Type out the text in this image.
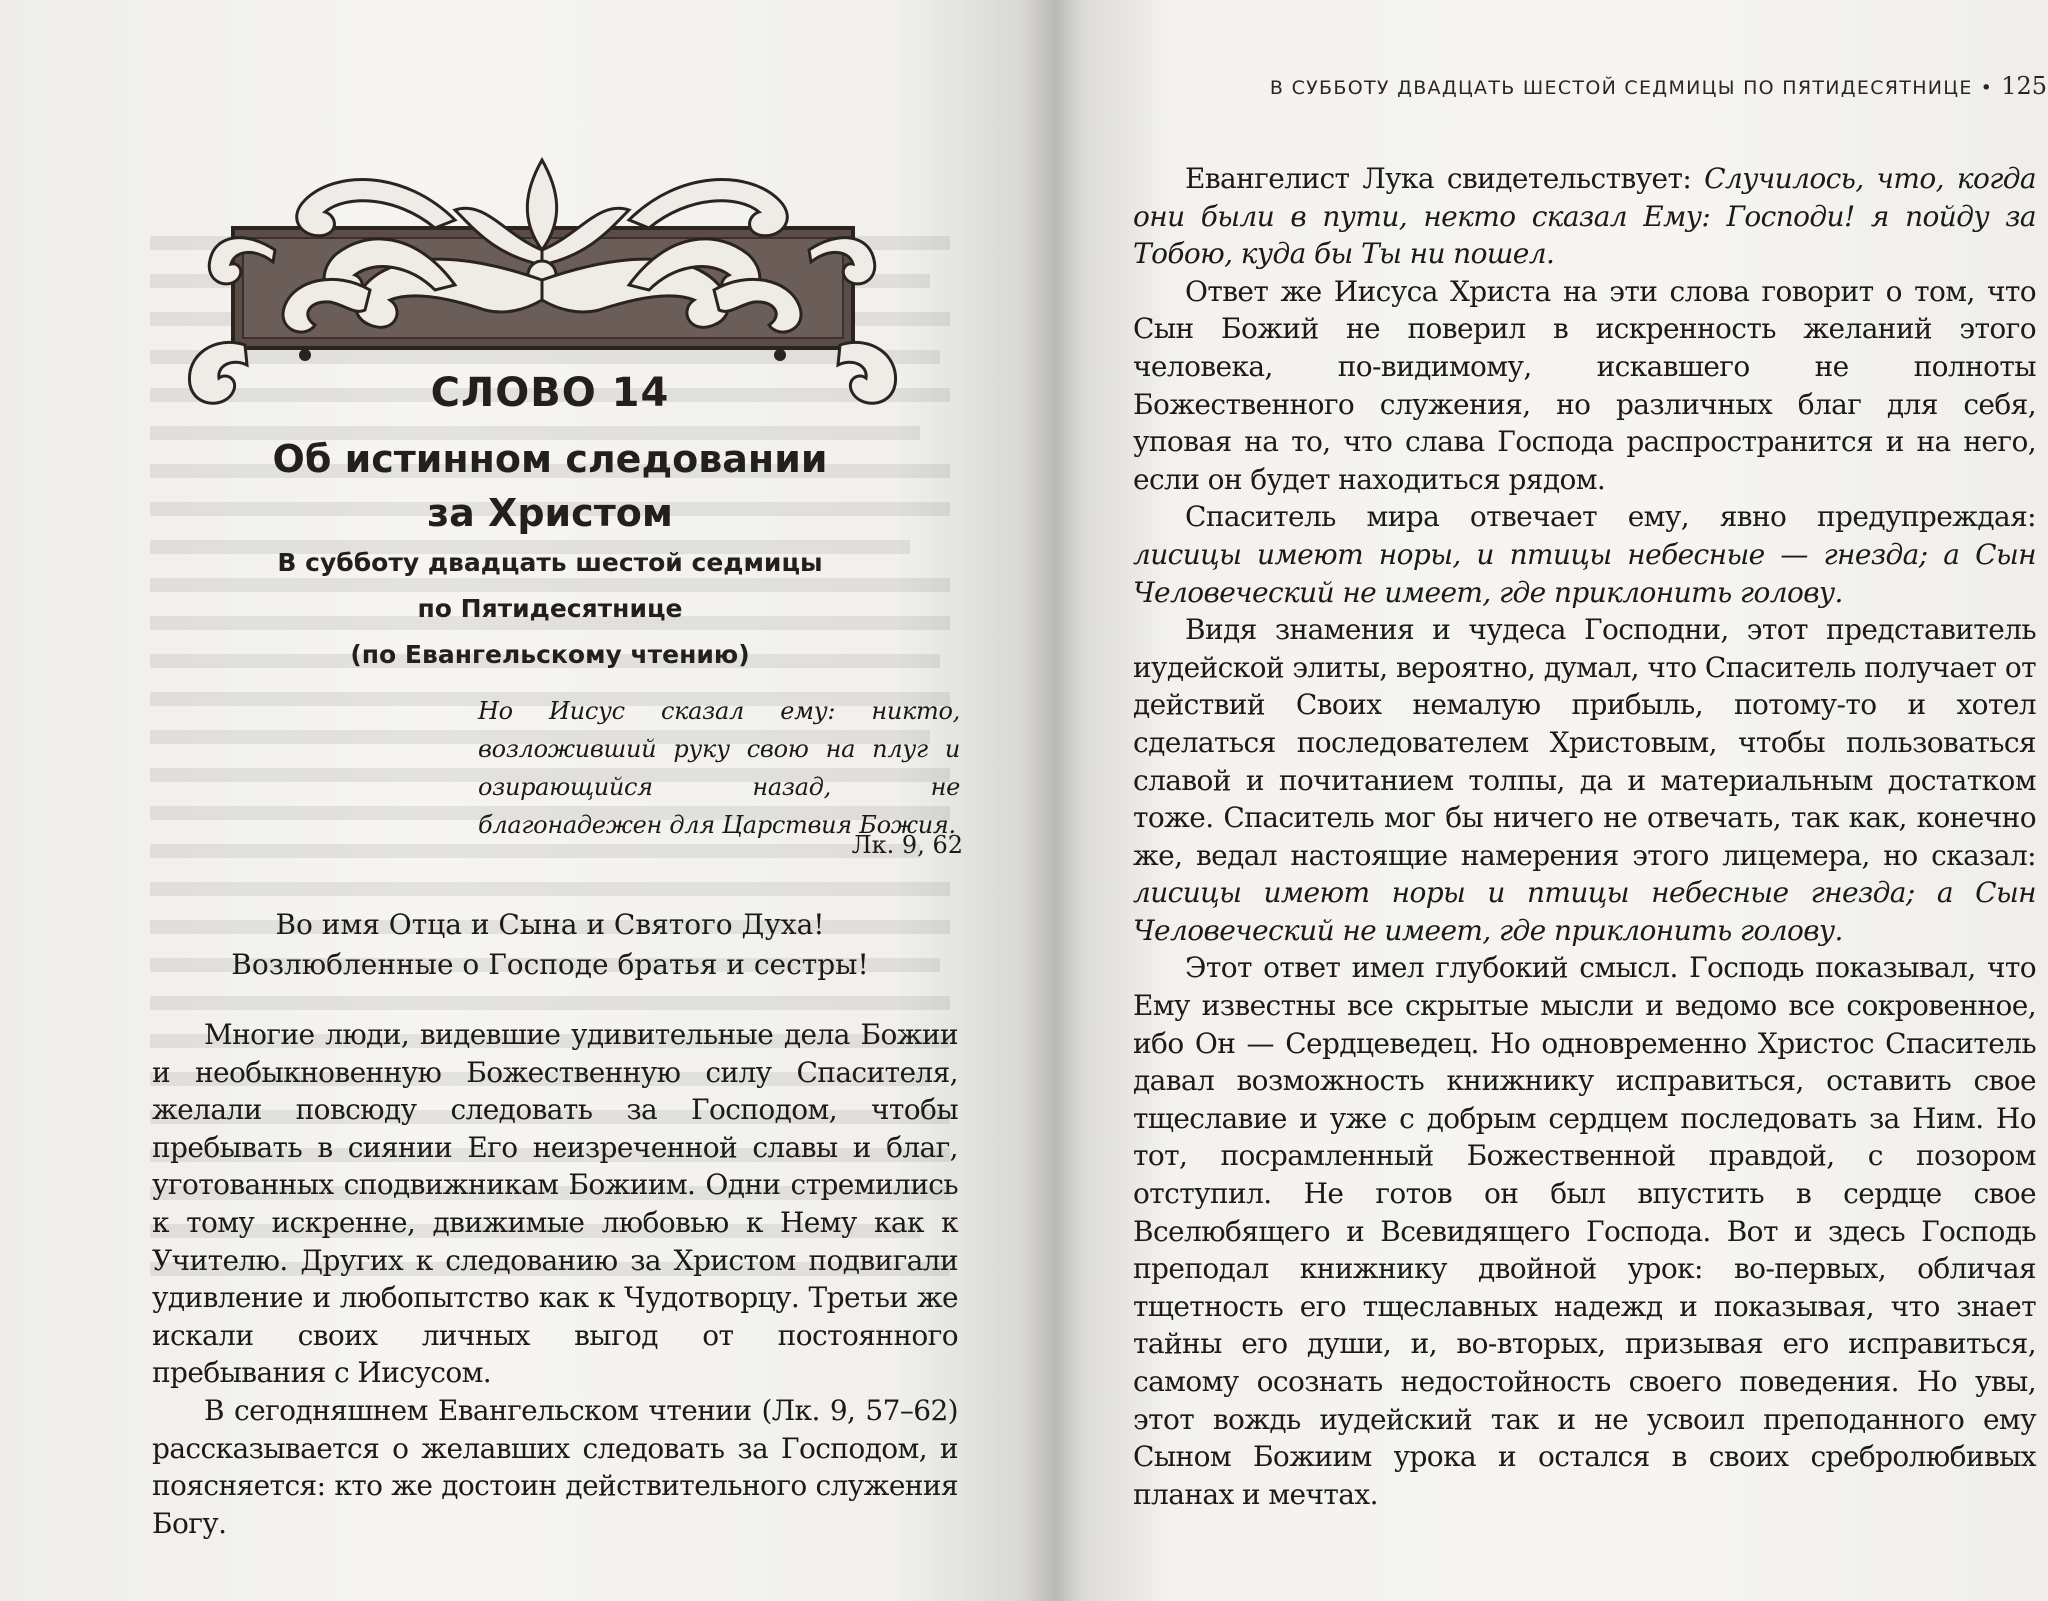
СЛОВО 14
Об истинном следовании
за Христом
В субботу двадцать шестой седмицы
по Пятидесятнице
(по Евангельскому чтению)
Но Иисус сказал ему: никто, возложивший руку свою на плуг и озирающийся назад, не благонадежен для Царствия Божия.
Лк. 9, 62
Во имя Отца и Сына и Святого Духа!
Возлюбленные о Господе братья и сестры!

Многие люди, видевшие удивительные дела Божии и необыкновенную Божественную силу Спасителя, желали повсюду следовать за Господом, чтобы пребывать в сиянии Его неизреченной славы и благ, уготованных сподвижникам Божиим. Одни стремились к тому искренне, движимые любовью к Нему как к Учителю. Других к следованию за Христом подвигали удивление и любопытство как к Чудотворцу. Третьи же искали своих личных выгод от постоянного пребывания с Иисусом.

В сегодняшнем Евангельском чтении (Лк. 9, 57–62) рассказывается о желавших следовать за Господом, и поясняется: кто же достоин действительного служения Богу.

В СУББОТУ ДВАДЦАТЬ ШЕСТОЙ СЕДМИЦЫ ПО ПЯТИДЕСЯТНИЦЕ • 125

Евангелист Лука свидетельствует: Случилось, что, когда они были в пути, некто сказал Ему: Господи! я пойду за Тобою, куда бы Ты ни пошел.

Ответ же Иисуса Христа на эти слова говорит о том, что Сын Божий не поверил в искренность желаний этого человека, по-видимому, искавшего не полноты Божественного служения, но различных благ для себя, уповая на то, что слава Господа распространится и на него, если он будет находиться рядом.

Спаситель мира отвечает ему, явно предупреждая: лисицы имеют норы, и птицы небесные — гнезда; а Сын Человеческий не имеет, где приклонить голову.

Видя знамения и чудеса Господни, этот представитель иудейской элиты, вероятно, думал, что Спаситель получает от действий Своих немалую прибыль, потому-то и хотел сделаться последователем Христовым, чтобы пользоваться славой и почитанием толпы, да и материальным достатком тоже. Спаситель мог бы ничего не отвечать, так как, конечно же, ведал настоящие намерения этого лицемера, но сказал: лисицы имеют норы и птицы небесные гнезда; а Сын Человеческий не имеет, где приклонить голову.

Этот ответ имел глубокий смысл. Господь показывал, что Ему известны все скрытые мысли и ведомо все сокровенное, ибо Он — Сердцеведец. Но одновременно Христос Спаситель давал возможность книжнику исправиться, оставить свое тщеславие и уже с добрым сердцем последовать за Ним. Но тот, посрамленный Божественной правдой, с позором отступил. Не готов он был впустить в сердце свое Вселюбящего и Всевидящего Господа. Вот и здесь Господь преподал книжнику двойной урок: во-первых, обличая тщетность его тщеславных надежд и показывая, что знает тайны его души, и, во-вторых, призывая его исправиться, самому осознать недостойность своего поведения. Но увы, этот вождь иудейский так и не усвоил преподанного ему Сыном Божиим урока и остался в своих сребролюбивых планах и мечтах.
